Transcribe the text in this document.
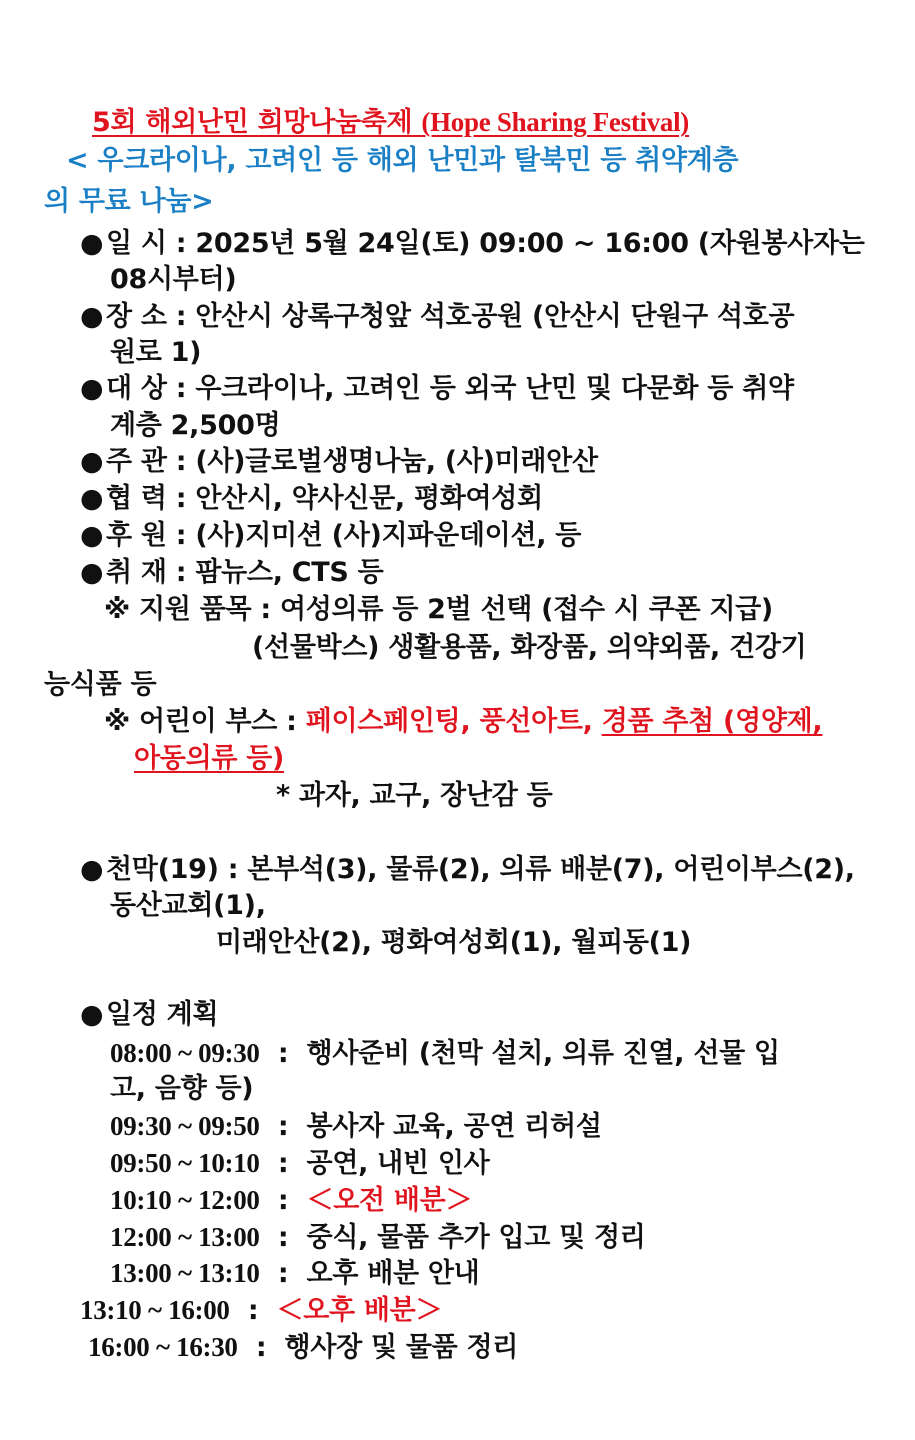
5회 해외난민 희망나눔축제 (Hope Sharing Festival)
< 우크라이나, 고려인 등 해외 난민과 탈북민 등 취약계층
의 무료 나눔>
● 일 시 : 2025년 5월 24일(토) 09:00 ~ 16:00 (자원봉사자는
08시부터)
● 장 소 : 안산시 상록구청앞 석호공원 (안산시 단원구 석호공
원로 1)
● 대 상 : 우크라이나, 고려인 등 외국 난민 및 다문화 등 취약
계층 2,500명
● 주 관 : (사)글로벌생명나눔, (사)미래안산
● 협 력 : 안산시, 약사신문, 평화여성회
● 후 원 : (사)지미션 (사)지파운데이션, 등
● 취 재 : 팜뉴스, CTS 등
※ 지원 품목 : 여성의류 등 2벌 선택 (접수 시 쿠폰 지급)
(선물박스) 생활용품, 화장품, 의약외품, 건강기
능식품 등
※ 어린이 부스 : 페이스페인팅, 풍선아트, 경품 추첨 (영양제,
아동의류 등)
* 과자, 교구, 장난감 등
● 천막(19) : 본부석(3), 물류(2), 의류 배분(7), 어린이부스(2),
동산교회(1),
미래안산(2), 평화여성회(1), 월피동(1)
● 일정 계획
08:00 ~ 09:30 : 행사준비 (천막 설치, 의류 진열, 선물 입
고, 음향 등)
09:30 ~ 09:50 : 봉사자 교육, 공연 리허설
09:50 ~ 10:10 : 공연, 내빈 인사
10:10 ~ 12:00 : ＜오전 배분＞
12:00 ~ 13:00 : 중식, 물품 추가 입고 및 정리
13:00 ~ 13:10 : 오후 배분 안내
13:10 ~ 16:00 : ＜오후 배분＞
16:00 ~ 16:30 : 행사장 및 물품 정리
